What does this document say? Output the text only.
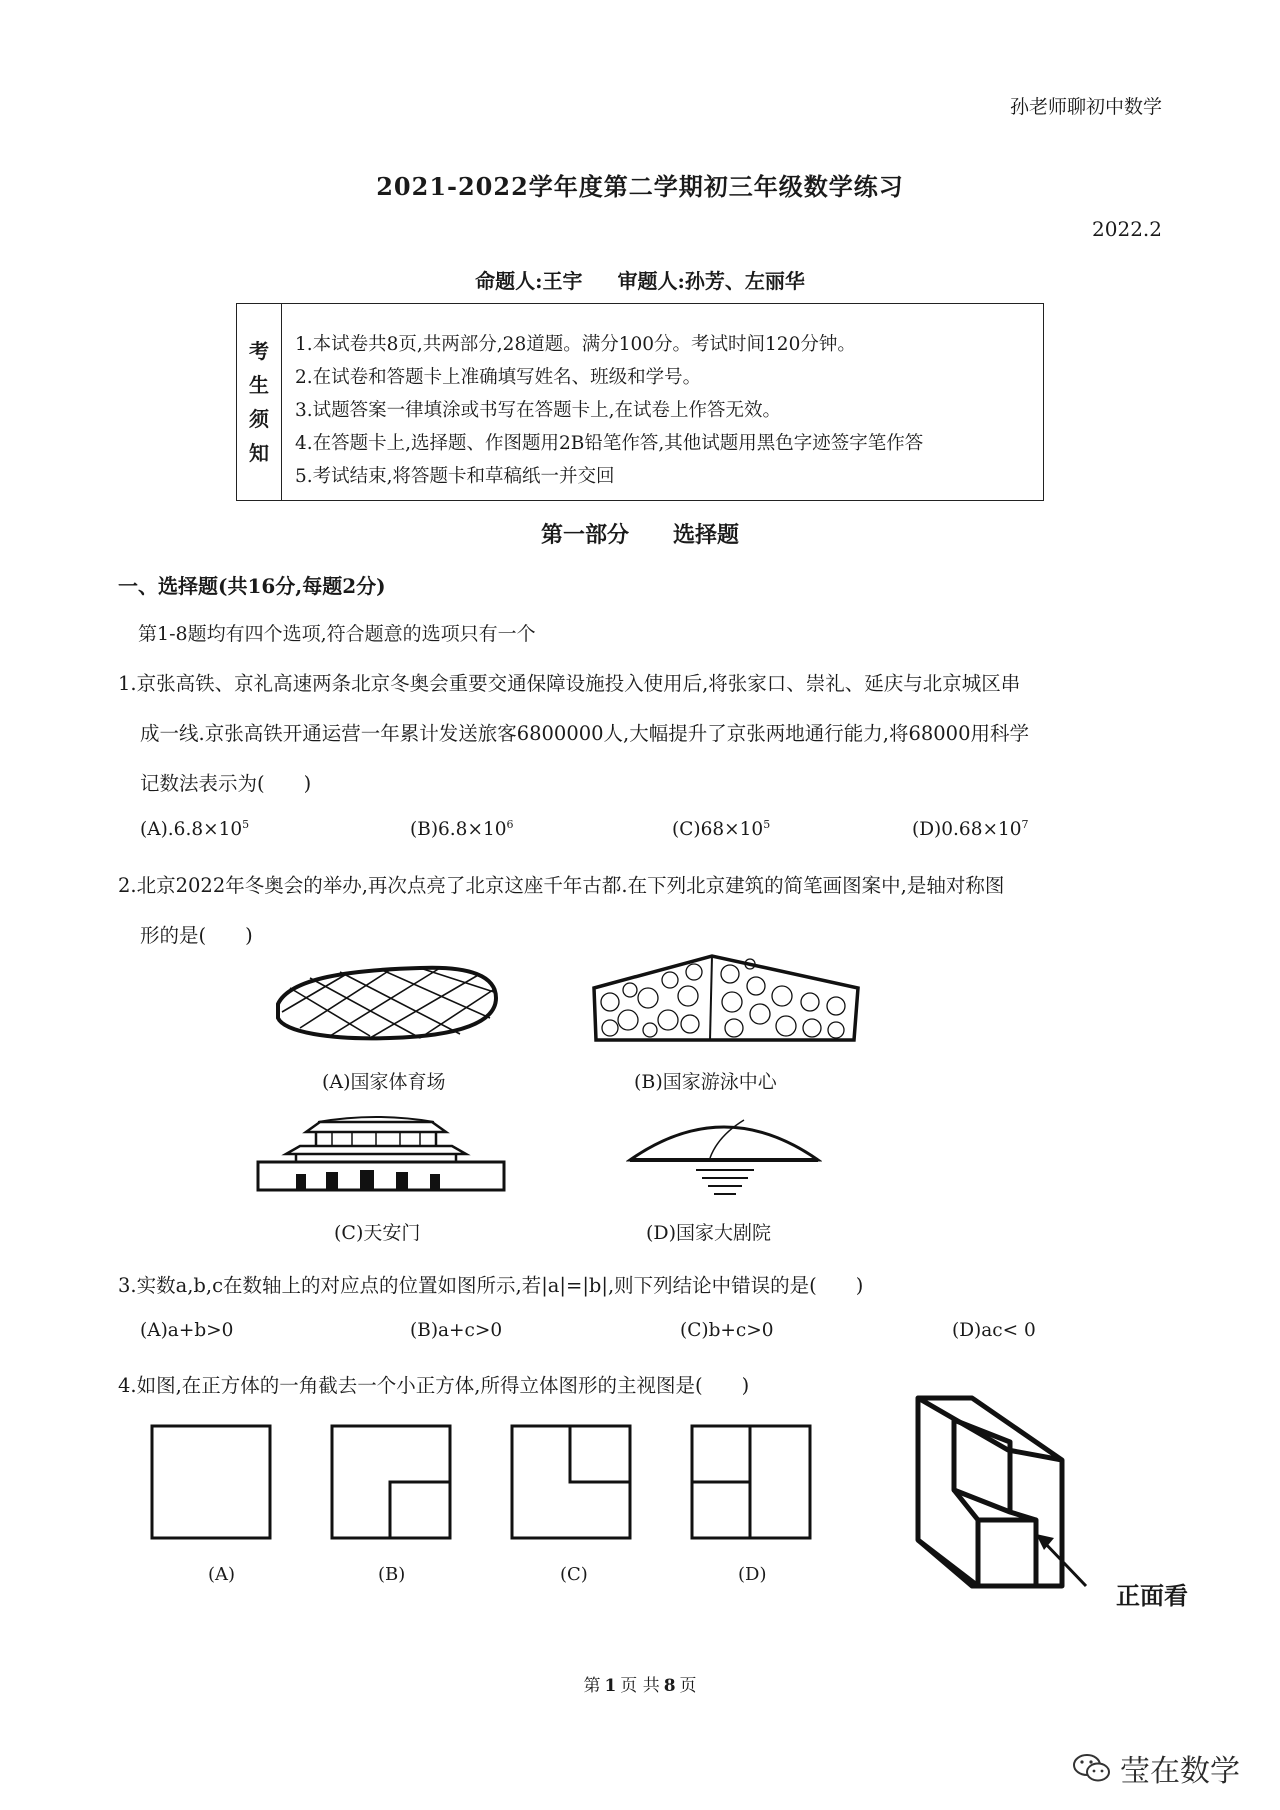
孙老师聊初中数学
2021-2022学年度第二学期初三年级数学练习
2022.2
命题人:王宇 审题人:孙芳、左丽华
考
生
须
知
1.本试卷共8页,共两部分,28道题。满分100分。考试时间120分钟。
2.在试卷和答题卡上准确填写姓名、班级和学号。
3.试题答案一律填涂或书写在答题卡上,在试卷上作答无效。
4.在答题卡上,选择题、作图题用2B铅笔作答,其他试题用黑色字迹签字笔作答
5.考试结束,将答题卡和草稿纸一并交回
第一部分 选择题
一、选择题(共16分,每题2分)
第1-8题均有四个选项,符合题意的选项只有一个
1.京张高铁、京礼高速两条北京冬奥会重要交通保障设施投入使用后,将张家口、崇礼、延庆与北京城区串
成一线.京张高铁开通运营一年累计发送旅客6800000人,大幅提升了京张两地通行能力,将68000用科学
记数法表示为(　　)
$(A).6.8\times 10^5$	$(B)6.8\times 10^6$	$(C)68\times 10^5$	$(D)0.68\times 10^7$
2.北京2022年冬奥会的举办,再次点亮了北京这座千年古都.在下列北京建筑的简笔画图案中,是轴对称图
形的是(　　)
(A)国家体育场	(B)国家游泳中心
(C)天安门	(D)国家大剧院
3.实数a,b,c在数轴上的对应点的位置如图所示,若|a|=|b|,则下列结论中错误的是(　　)
(A)a+b>0	(B)a+c>0	(C)b+c>0	(D)ac< 0
4.如图,在正方体的一角截去一个小正方体,所得立体图形的主视图是(　　)
(A)	(B)	(C)	(D)
正面看
第 1 页 共 8 页
莹在数学
